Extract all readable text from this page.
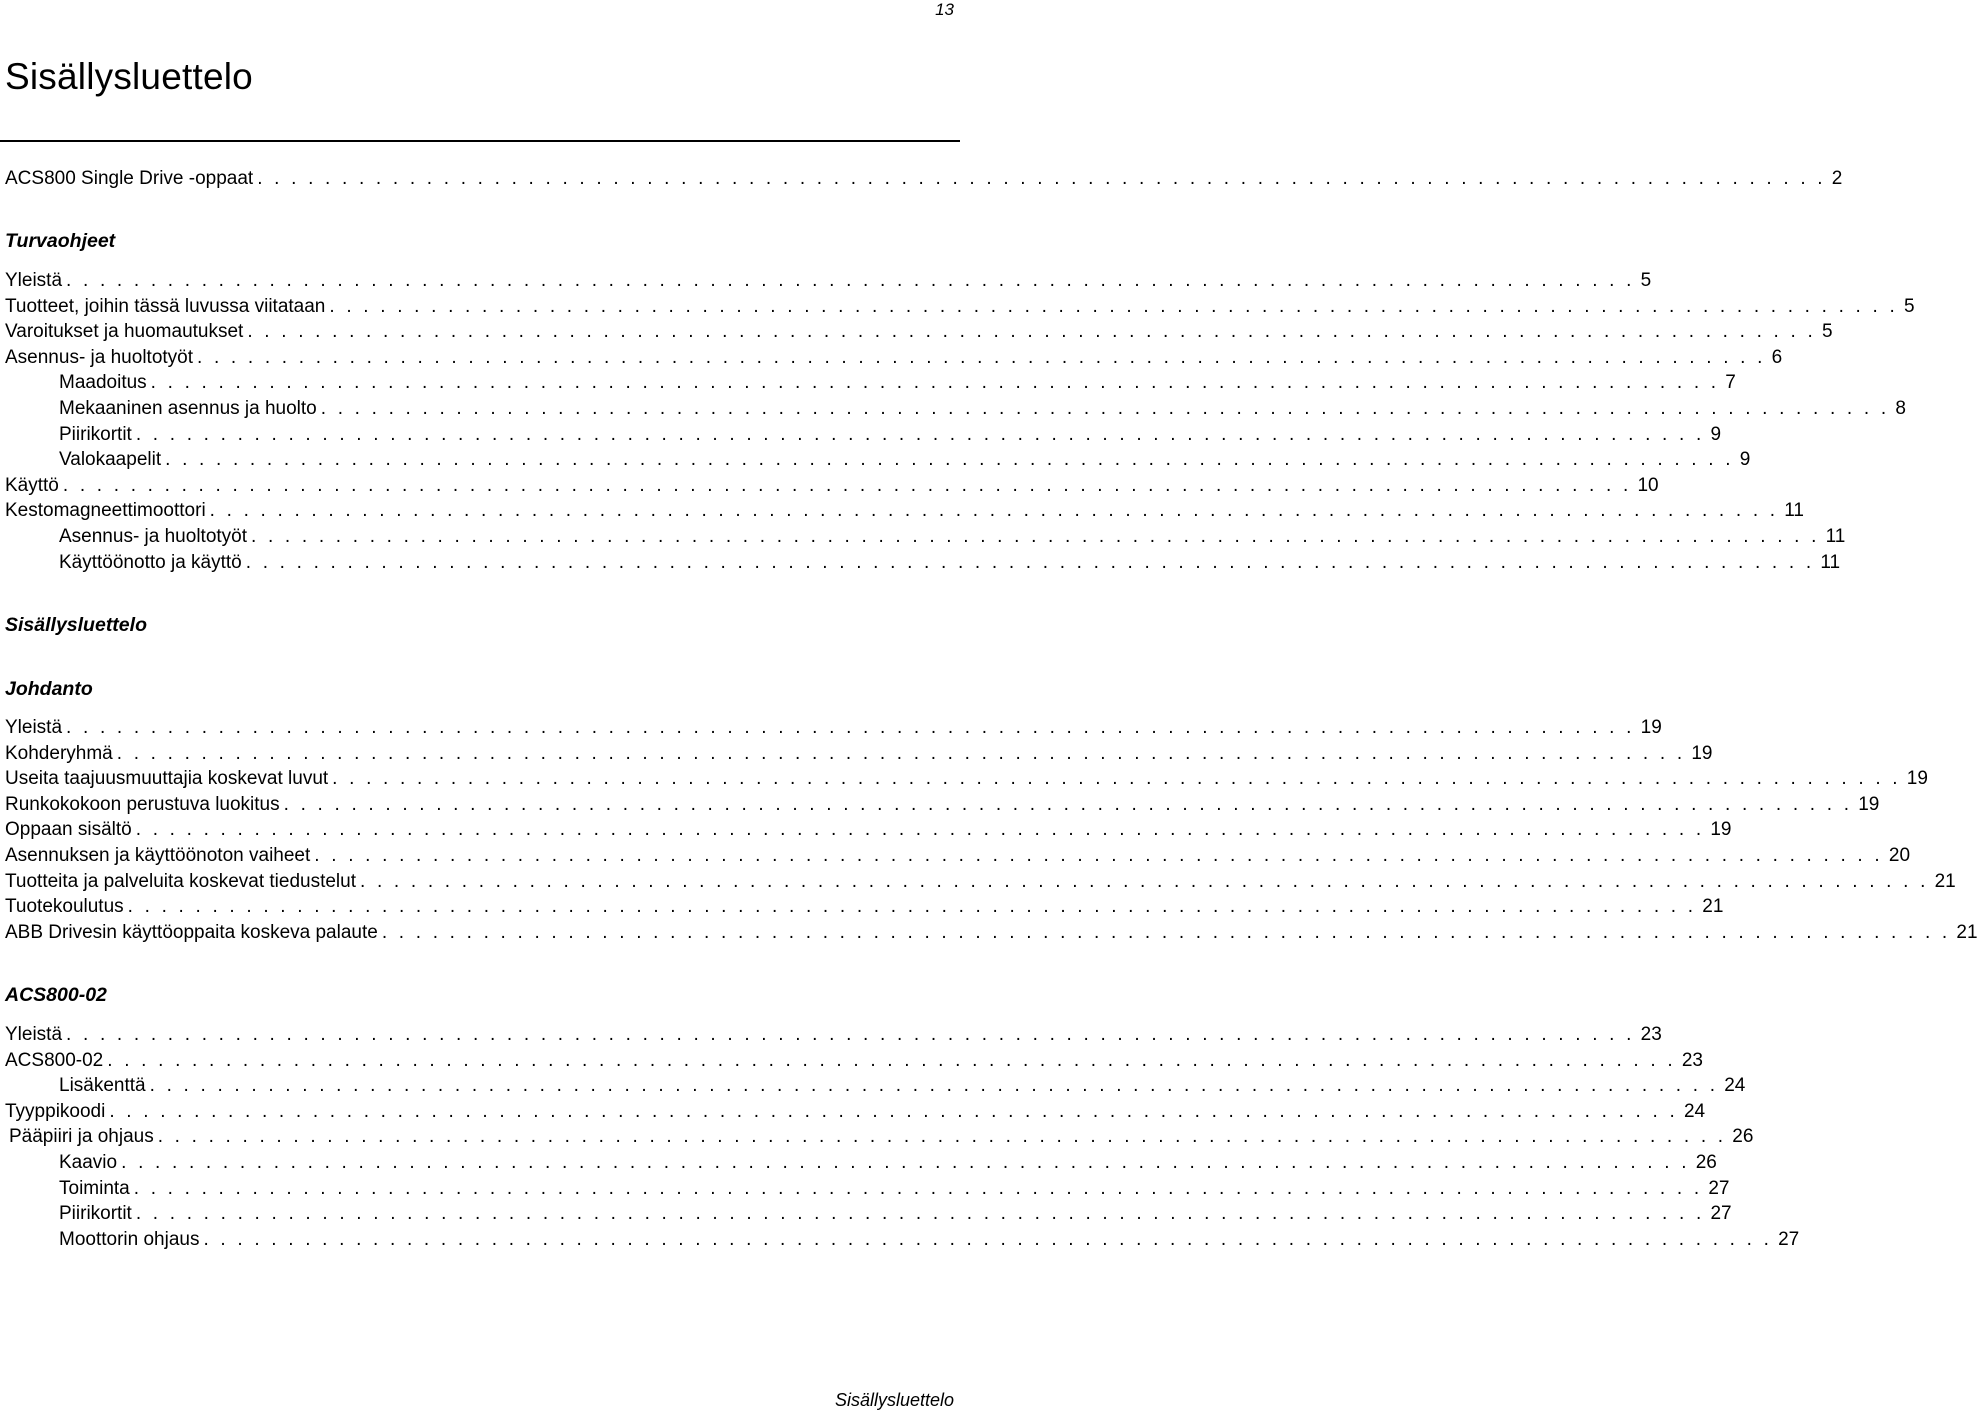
13
Sisällysluettelo
ACS800 Single Drive -oppaat . . . . . . . . . . . . . . . . . . . . . . . . . . . . . . . . . . . . . . . . . . . . . . . . . . . . . . . . . . . . . . . . . . . . . . . . . . . . . . . . . . . . . . . . . . . . . 2
Turvaohjeet
Yleistä . . . . . . . . . . . . . . . . . . . . . . . . . . . . . . . . . . . . . . . . . . . . . . . . . . . . . . . . . . . . . . . . . . . . . . . . . . . . . . . . . . . . . . . . . . . . . 5
Tuotteet, joihin tässä luvussa viitataan . . . . . . . . . . . . . . . . . . . . . . . . . . . . . . . . . . . . . . . . . . . . . . . . . . . . . . . . . . . . . . . . . . . . . . . . . . . . . . . . . . . . . . . . . . . . . 5
Varoitukset ja huomautukset . . . . . . . . . . . . . . . . . . . . . . . . . . . . . . . . . . . . . . . . . . . . . . . . . . . . . . . . . . . . . . . . . . . . . . . . . . . . . . . . . . . . . . . . . . . . . 5
Asennus- ja huoltotyöt . . . . . . . . . . . . . . . . . . . . . . . . . . . . . . . . . . . . . . . . . . . . . . . . . . . . . . . . . . . . . . . . . . . . . . . . . . . . . . . . . . . . . . . . . . . . . 6
Maadoitus . . . . . . . . . . . . . . . . . . . . . . . . . . . . . . . . . . . . . . . . . . . . . . . . . . . . . . . . . . . . . . . . . . . . . . . . . . . . . . . . . . . . . . . . . . . . . 7
Mekaaninen asennus ja huolto . . . . . . . . . . . . . . . . . . . . . . . . . . . . . . . . . . . . . . . . . . . . . . . . . . . . . . . . . . . . . . . . . . . . . . . . . . . . . . . . . . . . . . . . . . . . . 8
Piirikortit . . . . . . . . . . . . . . . . . . . . . . . . . . . . . . . . . . . . . . . . . . . . . . . . . . . . . . . . . . . . . . . . . . . . . . . . . . . . . . . . . . . . . . . . . . . . . 9
Valokaapelit . . . . . . . . . . . . . . . . . . . . . . . . . . . . . . . . . . . . . . . . . . . . . . . . . . . . . . . . . . . . . . . . . . . . . . . . . . . . . . . . . . . . . . . . . . . . . 9
Käyttö . . . . . . . . . . . . . . . . . . . . . . . . . . . . . . . . . . . . . . . . . . . . . . . . . . . . . . . . . . . . . . . . . . . . . . . . . . . . . . . . . . . . . . . . . . . . . 10
Kestomagneettimoottori . . . . . . . . . . . . . . . . . . . . . . . . . . . . . . . . . . . . . . . . . . . . . . . . . . . . . . . . . . . . . . . . . . . . . . . . . . . . . . . . . . . . . . . . . . . . . 11
Asennus- ja huoltotyöt . . . . . . . . . . . . . . . . . . . . . . . . . . . . . . . . . . . . . . . . . . . . . . . . . . . . . . . . . . . . . . . . . . . . . . . . . . . . . . . . . . . . . . . . . . . . . 11
Käyttöönotto ja käyttö . . . . . . . . . . . . . . . . . . . . . . . . . . . . . . . . . . . . . . . . . . . . . . . . . . . . . . . . . . . . . . . . . . . . . . . . . . . . . . . . . . . . . . . . . . . . . 11
Sisällysluettelo
Johdanto
Yleistä . . . . . . . . . . . . . . . . . . . . . . . . . . . . . . . . . . . . . . . . . . . . . . . . . . . . . . . . . . . . . . . . . . . . . . . . . . . . . . . . . . . . . . . . . . . . . 19
Kohderyhmä . . . . . . . . . . . . . . . . . . . . . . . . . . . . . . . . . . . . . . . . . . . . . . . . . . . . . . . . . . . . . . . . . . . . . . . . . . . . . . . . . . . . . . . . . . . . . 19
Useita taajuusmuuttajia koskevat luvut . . . . . . . . . . . . . . . . . . . . . . . . . . . . . . . . . . . . . . . . . . . . . . . . . . . . . . . . . . . . . . . . . . . . . . . . . . . . . . . . . . . . . . . . . . . . . 19
Runkokokoon perustuva luokitus . . . . . . . . . . . . . . . . . . . . . . . . . . . . . . . . . . . . . . . . . . . . . . . . . . . . . . . . . . . . . . . . . . . . . . . . . . . . . . . . . . . . . . . . . . . . . 19
Oppaan sisältö . . . . . . . . . . . . . . . . . . . . . . . . . . . . . . . . . . . . . . . . . . . . . . . . . . . . . . . . . . . . . . . . . . . . . . . . . . . . . . . . . . . . . . . . . . . . . 19
Asennuksen ja käyttöönoton vaiheet . . . . . . . . . . . . . . . . . . . . . . . . . . . . . . . . . . . . . . . . . . . . . . . . . . . . . . . . . . . . . . . . . . . . . . . . . . . . . . . . . . . . . . . . . . . . . 20
Tuotteita ja palveluita koskevat tiedustelut . . . . . . . . . . . . . . . . . . . . . . . . . . . . . . . . . . . . . . . . . . . . . . . . . . . . . . . . . . . . . . . . . . . . . . . . . . . . . . . . . . . . . . . . . . . . . 21
Tuotekoulutus . . . . . . . . . . . . . . . . . . . . . . . . . . . . . . . . . . . . . . . . . . . . . . . . . . . . . . . . . . . . . . . . . . . . . . . . . . . . . . . . . . . . . . . . . . . . . 21
ABB Drivesin käyttöoppaita koskeva palaute . . . . . . . . . . . . . . . . . . . . . . . . . . . . . . . . . . . . . . . . . . . . . . . . . . . . . . . . . . . . . . . . . . . . . . . . . . . . . . . . . . . . . . . . . . . . . 21
ACS800-02
Yleistä . . . . . . . . . . . . . . . . . . . . . . . . . . . . . . . . . . . . . . . . . . . . . . . . . . . . . . . . . . . . . . . . . . . . . . . . . . . . . . . . . . . . . . . . . . . . . 23
ACS800-02 . . . . . . . . . . . . . . . . . . . . . . . . . . . . . . . . . . . . . . . . . . . . . . . . . . . . . . . . . . . . . . . . . . . . . . . . . . . . . . . . . . . . . . . . . . . . . 23
Lisäkenttä . . . . . . . . . . . . . . . . . . . . . . . . . . . . . . . . . . . . . . . . . . . . . . . . . . . . . . . . . . . . . . . . . . . . . . . . . . . . . . . . . . . . . . . . . . . . . 24
Tyyppikoodi . . . . . . . . . . . . . . . . . . . . . . . . . . . . . . . . . . . . . . . . . . . . . . . . . . . . . . . . . . . . . . . . . . . . . . . . . . . . . . . . . . . . . . . . . . . . . 24
Pääpiiri ja ohjaus . . . . . . . . . . . . . . . . . . . . . . . . . . . . . . . . . . . . . . . . . . . . . . . . . . . . . . . . . . . . . . . . . . . . . . . . . . . . . . . . . . . . . . . . . . . . . 26
Kaavio . . . . . . . . . . . . . . . . . . . . . . . . . . . . . . . . . . . . . . . . . . . . . . . . . . . . . . . . . . . . . . . . . . . . . . . . . . . . . . . . . . . . . . . . . . . . . 26
Toiminta . . . . . . . . . . . . . . . . . . . . . . . . . . . . . . . . . . . . . . . . . . . . . . . . . . . . . . . . . . . . . . . . . . . . . . . . . . . . . . . . . . . . . . . . . . . . . 27
Piirikortit . . . . . . . . . . . . . . . . . . . . . . . . . . . . . . . . . . . . . . . . . . . . . . . . . . . . . . . . . . . . . . . . . . . . . . . . . . . . . . . . . . . . . . . . . . . . . 27
Moottorin ohjaus . . . . . . . . . . . . . . . . . . . . . . . . . . . . . . . . . . . . . . . . . . . . . . . . . . . . . . . . . . . . . . . . . . . . . . . . . . . . . . . . . . . . . . . . . . . . . 27
Sisällysluettelo
